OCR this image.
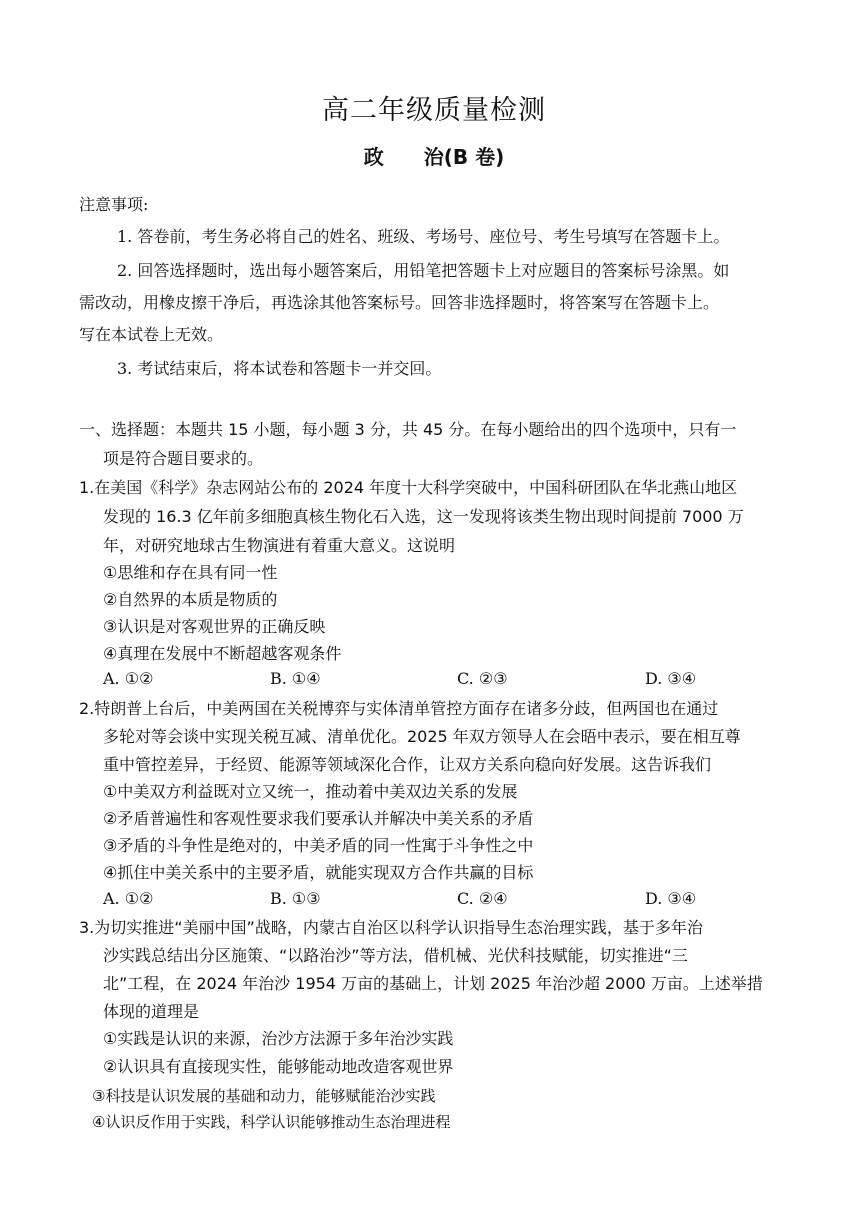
高二年级质量检测
政 治(B 卷)
注意事项:
1. 答卷前，考生务必将自己的姓名、班级、考场号、座位号、考生号填写在答题卡上。
2. 回答选择题时，选出每小题答案后，用铅笔把答题卡上对应题目的答案标号涂黑。如
需改动，用橡皮擦干净后，再选涂其他答案标号。回答非选择题时，将答案写在答题卡上。
写在本试卷上无效。
3. 考试结束后，将本试卷和答题卡一并交回。
一、选择题：本题共 15 小题，每小题 3 分，共 45 分。在每小题给出的四个选项中，只有一
项是符合题目要求的。
1.在美国《科学》杂志网站公布的 2024 年度十大科学突破中，中国科研团队在华北燕山地区
发现的 16.3 亿年前多细胞真核生物化石入选，这一发现将该类生物出现时间提前 7000 万
年，对研究地球古生物演进有着重大意义。这说明
①思维和存在具有同一性
②自然界的本质是物质的
③认识是对客观世界的正确反映
④真理在发展中不断超越客观条件
A. ①②	B. ①④	C. ②③	D. ③④
2.特朗普上台后，中美两国在关税博弈与实体清单管控方面存在诸多分歧，但两国也在通过
多轮对等会谈中实现关税互减、清单优化。2025 年双方领导人在会晤中表示，要在相互尊
重中管控差异，于经贸、能源等领域深化合作，让双方关系向稳向好发展。这告诉我们
①中美双方利益既对立又统一，推动着中美双边关系的发展
②矛盾普遍性和客观性要求我们要承认并解决中美关系的矛盾
③矛盾的斗争性是绝对的，中美矛盾的同一性寓于斗争性之中
④抓住中美关系中的主要矛盾，就能实现双方合作共赢的目标
A. ①②	B. ①③	C. ②④	D. ③④
3.为切实推进“美丽中国”战略，内蒙古自治区以科学认识指导生态治理实践，基于多年治
沙实践总结出分区施策、“以路治沙”等方法，借机械、光伏科技赋能，切实推进“三
北”工程，在 2024 年治沙 1954 万亩的基础上，计划 2025 年治沙超 2000 万亩。上述举措
体现的道理是
①实践是认识的来源，治沙方法源于多年治沙实践
②认识具有直接现实性，能够能动地改造客观世界
③科技是认识发展的基础和动力，能够赋能治沙实践
④认识反作用于实践，科学认识能够推动生态治理进程
